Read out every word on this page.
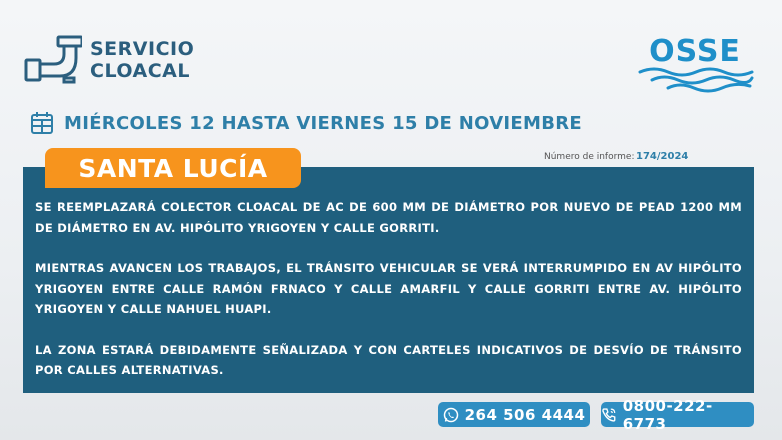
SERVICIO
CLOACAL
OSSE
MIÉRCOLES 12 HASTA VIERNES 15 DE NOVIEMBRE
Número de informe: 174/2024

SE REEMPLAZARÁ COLECTOR CLOACAL DE AC DE 600 MM DE DIÁMETRO POR NUEVO DE PEAD 1200 MM DE DIÁMETRO EN AV. HIPÓLITO YRIGOYEN Y CALLE GORRITI.

MIENTRAS AVANCEN LOS TRABAJOS, EL TRÁNSITO VEHICULAR SE VERÁ INTERRUMPIDO EN AV HIPÓLITO YRIGOYEN ENTRE CALLE RAMÓN FRNACO Y CALLE AMARFIL Y CALLE GORRITI ENTRE AV. HIPÓLITO YRIGOYEN Y CALLE NAHUEL HUAPI.

LA ZONA ESTARÁ DEBIDAMENTE SEÑALIZADA Y CON CARTELES INDICATIVOS DE DESVÍO DE TRÁNSITO POR CALLES ALTERNATIVAS.

SANTA LUCÍA
264 506 4444 0800-222-6773
